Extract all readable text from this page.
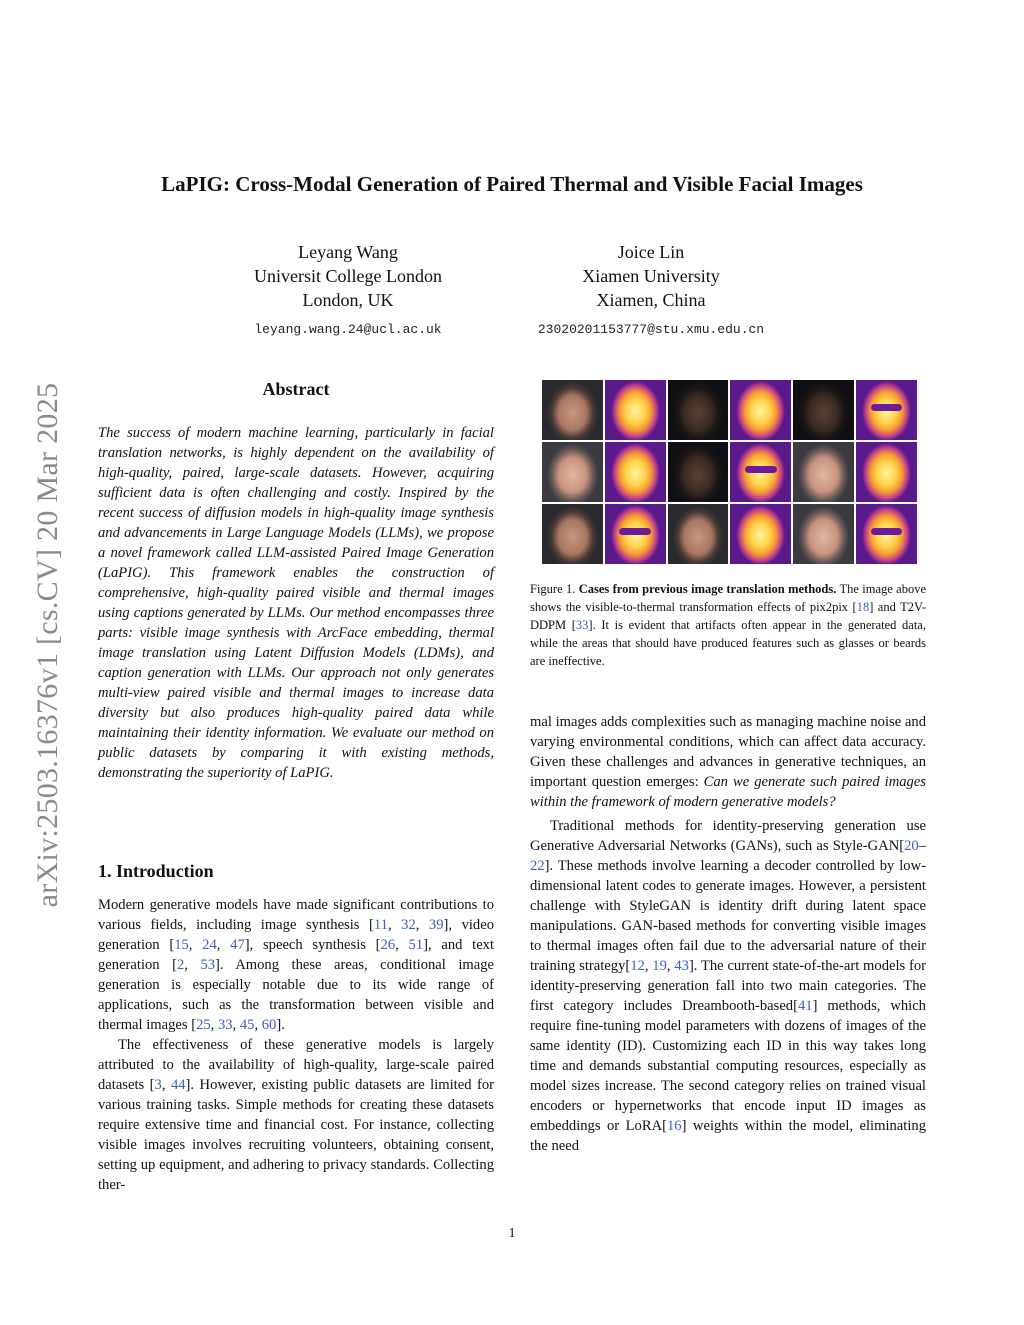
arXiv:2503.16376v1 [cs.CV] 20 Mar 2025
LaPIG: Cross-Modal Generation of Paired Thermal and Visible Facial Images
Leyang Wang
Universit College London
London, UK
leyang.wang.24@ucl.ac.uk
Joice Lin
Xiamen University
Xiamen, China
23020201153777@stu.xmu.edu.cn
Abstract
The success of modern machine learning, particularly in facial translation networks, is highly dependent on the availability of high-quality, paired, large-scale datasets. However, acquiring sufficient data is often challenging and costly. Inspired by the recent success of diffusion models in high-quality image synthesis and advancements in Large Language Models (LLMs), we propose a novel framework called LLM-assisted Paired Image Generation (LaPIG). This framework enables the construction of comprehensive, high-quality paired visible and thermal images using captions generated by LLMs. Our method encompasses three parts: visible image synthesis with ArcFace embedding, thermal image translation using Latent Diffusion Models (LDMs), and caption generation with LLMs. Our approach not only generates multi-view paired visible and thermal images to increase data diversity but also produces high-quality paired data while maintaining their identity information. We evaluate our method on public datasets by comparing it with existing methods, demonstrating the superiority of LaPIG.
1. Introduction

Modern generative models have made significant contributions to various fields, including image synthesis [11, 32, 39], video generation [15, 24, 47], speech synthesis [26, 51], and text generation [2, 53]. Among these areas, conditional image generation is especially notable due to its wide range of applications, such as the transformation between visible and thermal images [25, 33, 45, 60].

The effectiveness of these generative models is largely attributed to the availability of high-quality, large-scale paired datasets [3, 44]. However, existing public datasets are limited for various training tasks. Simple methods for creating these datasets require extensive time and financial cost. For instance, collecting visible images involves recruiting volunteers, obtaining consent, setting up equipment, and adhering to privacy standards. Collecting ther-

Figure 1. Cases from previous image translation methods. The image above shows the visible-to-thermal transformation effects of pix2pix [18] and T2V-DDPM [33]. It is evident that artifacts often appear in the generated data, while the areas that should have produced features such as glasses or beards are ineffective.

mal images adds complexities such as managing machine noise and varying environmental conditions, which can affect data accuracy. Given these challenges and advances in generative techniques, an important question emerges: Can we generate such paired images within the framework of modern generative models?

Traditional methods for identity-preserving generation use Generative Adversarial Networks (GANs), such as Style-GAN[20–22]. These methods involve learning a decoder controlled by low-dimensional latent codes to generate images. However, a persistent challenge with StyleGAN is identity drift during latent space manipulations. GAN-based methods for converting visible images to thermal images often fail due to the adversarial nature of their training strategy[12, 19, 43]. The current state-of-the-art models for identity-preserving generation fall into two main categories. The first category includes Dreambooth-based[41] methods, which require fine-tuning model parameters with dozens of images of the same identity (ID). Customizing each ID in this way takes long time and demands substantial computing resources, especially as model sizes increase. The second category relies on trained visual encoders or hypernetworks that encode input ID images as embeddings or LoRA[16] weights within the model, eliminating the need

1
